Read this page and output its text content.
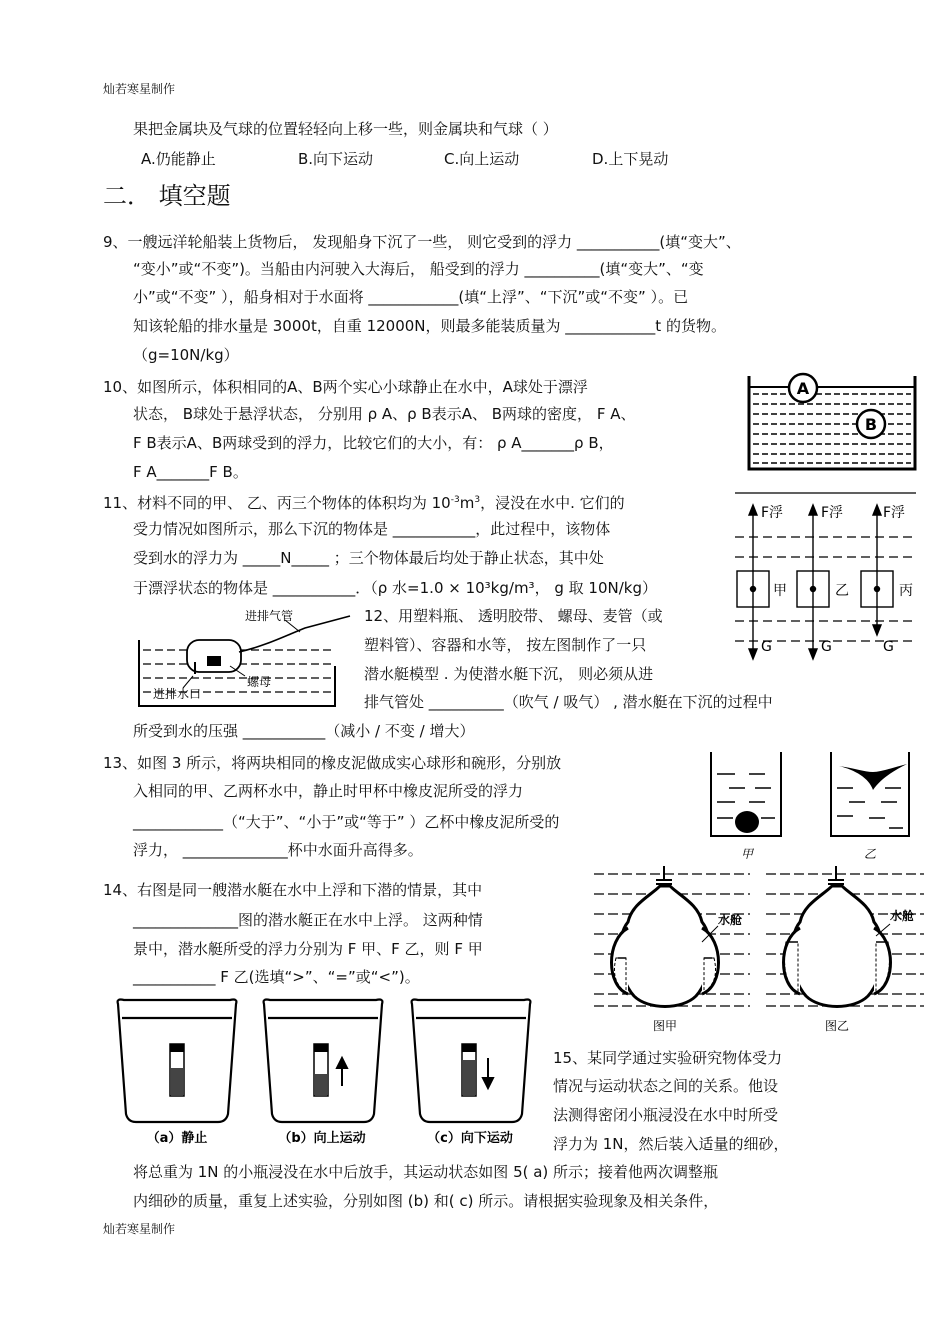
灿若寒星制作
果把金属块及气球的位置轻轻向上移一些，则金属块和气球（ ）
A.仍能静止	B.向下运动	C.向上运动	D.上下晃动
二． 填空题
9、一艘远洋轮船装上货物后， 发现船身下沉了一些， 则它受到的浮力 ___________(填“变大”、
“变小”或“不变”)。当船由内河驶入大海后， 船受到的浮力 __________(填“变大”、“变
小”或“不变” ），船身相对于水面将 ____________(填“上浮”、“下沉”或“不变” ）。已
知该轮船的排水量是 3000t，自重 12000N，则最多能装质量为 ____________t 的货物。
（g=10N/kg）
10、如图所示，体积相同的A、B两个实心小球静止在水中，A球处于漂浮
状态， B球处于悬浮状态， 分别用 ρ A、ρ B表示A、 B两球的密度， F A、
F B表示A、B两球受到的浮力，比较它们的大小，有： ρ A_______ρ B，
F A_______F B。
A
B
11、材料不同的甲、 乙、丙三个物体的体积均为 $10^{-3}m^3$，浸没在水中. 它们的
受力情况如图所示，那么下沉的物体是 ___________，此过程中，该物体
受到水的浮力为 _____N_____ ；三个物体最后均处于静止状态，其中处
于漂浮状态的物体是 ___________．（ρ 水=1.0 × 10³kg/m³， g 取 10N/kg）
F浮	F浮	F浮
G	G	G
甲	乙	丙
进排气管
螺母
进排水口
12、用塑料瓶、 透明胶带、 螺母、麦管（或
塑料管）、容器和水等， 按左图制作了一只
潜水艇模型 . 为使潜水艇下沉， 则必须从进
排气管处 __________（吹气 / 吸气） , 潜水艇在下沉的过程中
所受到水的压强 ___________（减小 / 不变 / 增大）
13、如图 3 所示，将两块相同的橡皮泥做成实心球形和碗形，分别放
入相同的甲、乙两杯水中，静止时甲杯中橡皮泥所受的浮力
____________（“大于”、“小于”或“等于” ）乙杯中橡皮泥所受的
浮力， ______________杯中水面升高得多。	甲	乙
14、右图是同一艘潜水艇在水中上浮和下潜的情景，其中
______________图的潜水艇正在水中上浮。 这两种情
景中，潜水艇所受的浮力分别为 F 甲、F 乙，则 F 甲
___________ F 乙(选填“>”、“=”或“<”)。
水舱
图甲
水舱
图乙
（a）静止	（b）向上运动	（c）向下运动
15、某同学通过实验研究物体受力
情况与运动状态之间的关系。他设
法测得密闭小瓶浸没在水中时所受
浮力为 1N，然后装入适量的细砂，
将总重为 1N 的小瓶浸没在水中后放手，其运动状态如图 5( a) 所示；接着他两次调整瓶
内细砂的质量，重复上述实验，分别如图 (b) 和( c) 所示。请根据实验现象及相关条件，
灿若寒星制作
